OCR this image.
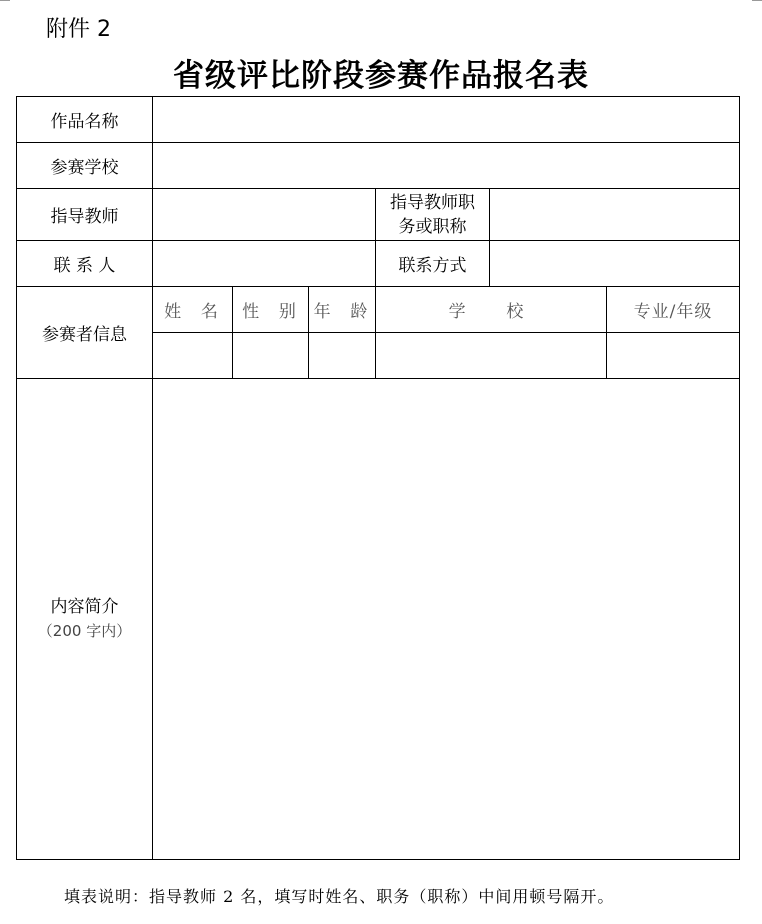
附件 2
省级评比阶段参赛作品报名表
作品名称						
参赛学校						
指导教师				指导教师职
务或职称		

联 系 人				联系方式		
参赛者信息	姓  名	性  别	年  龄	学  校		专业/年级

内容简介
（200 字内）						

填表说明：指导教师 2 名，填写时姓名、职务（职称）中间用顿号隔开。
